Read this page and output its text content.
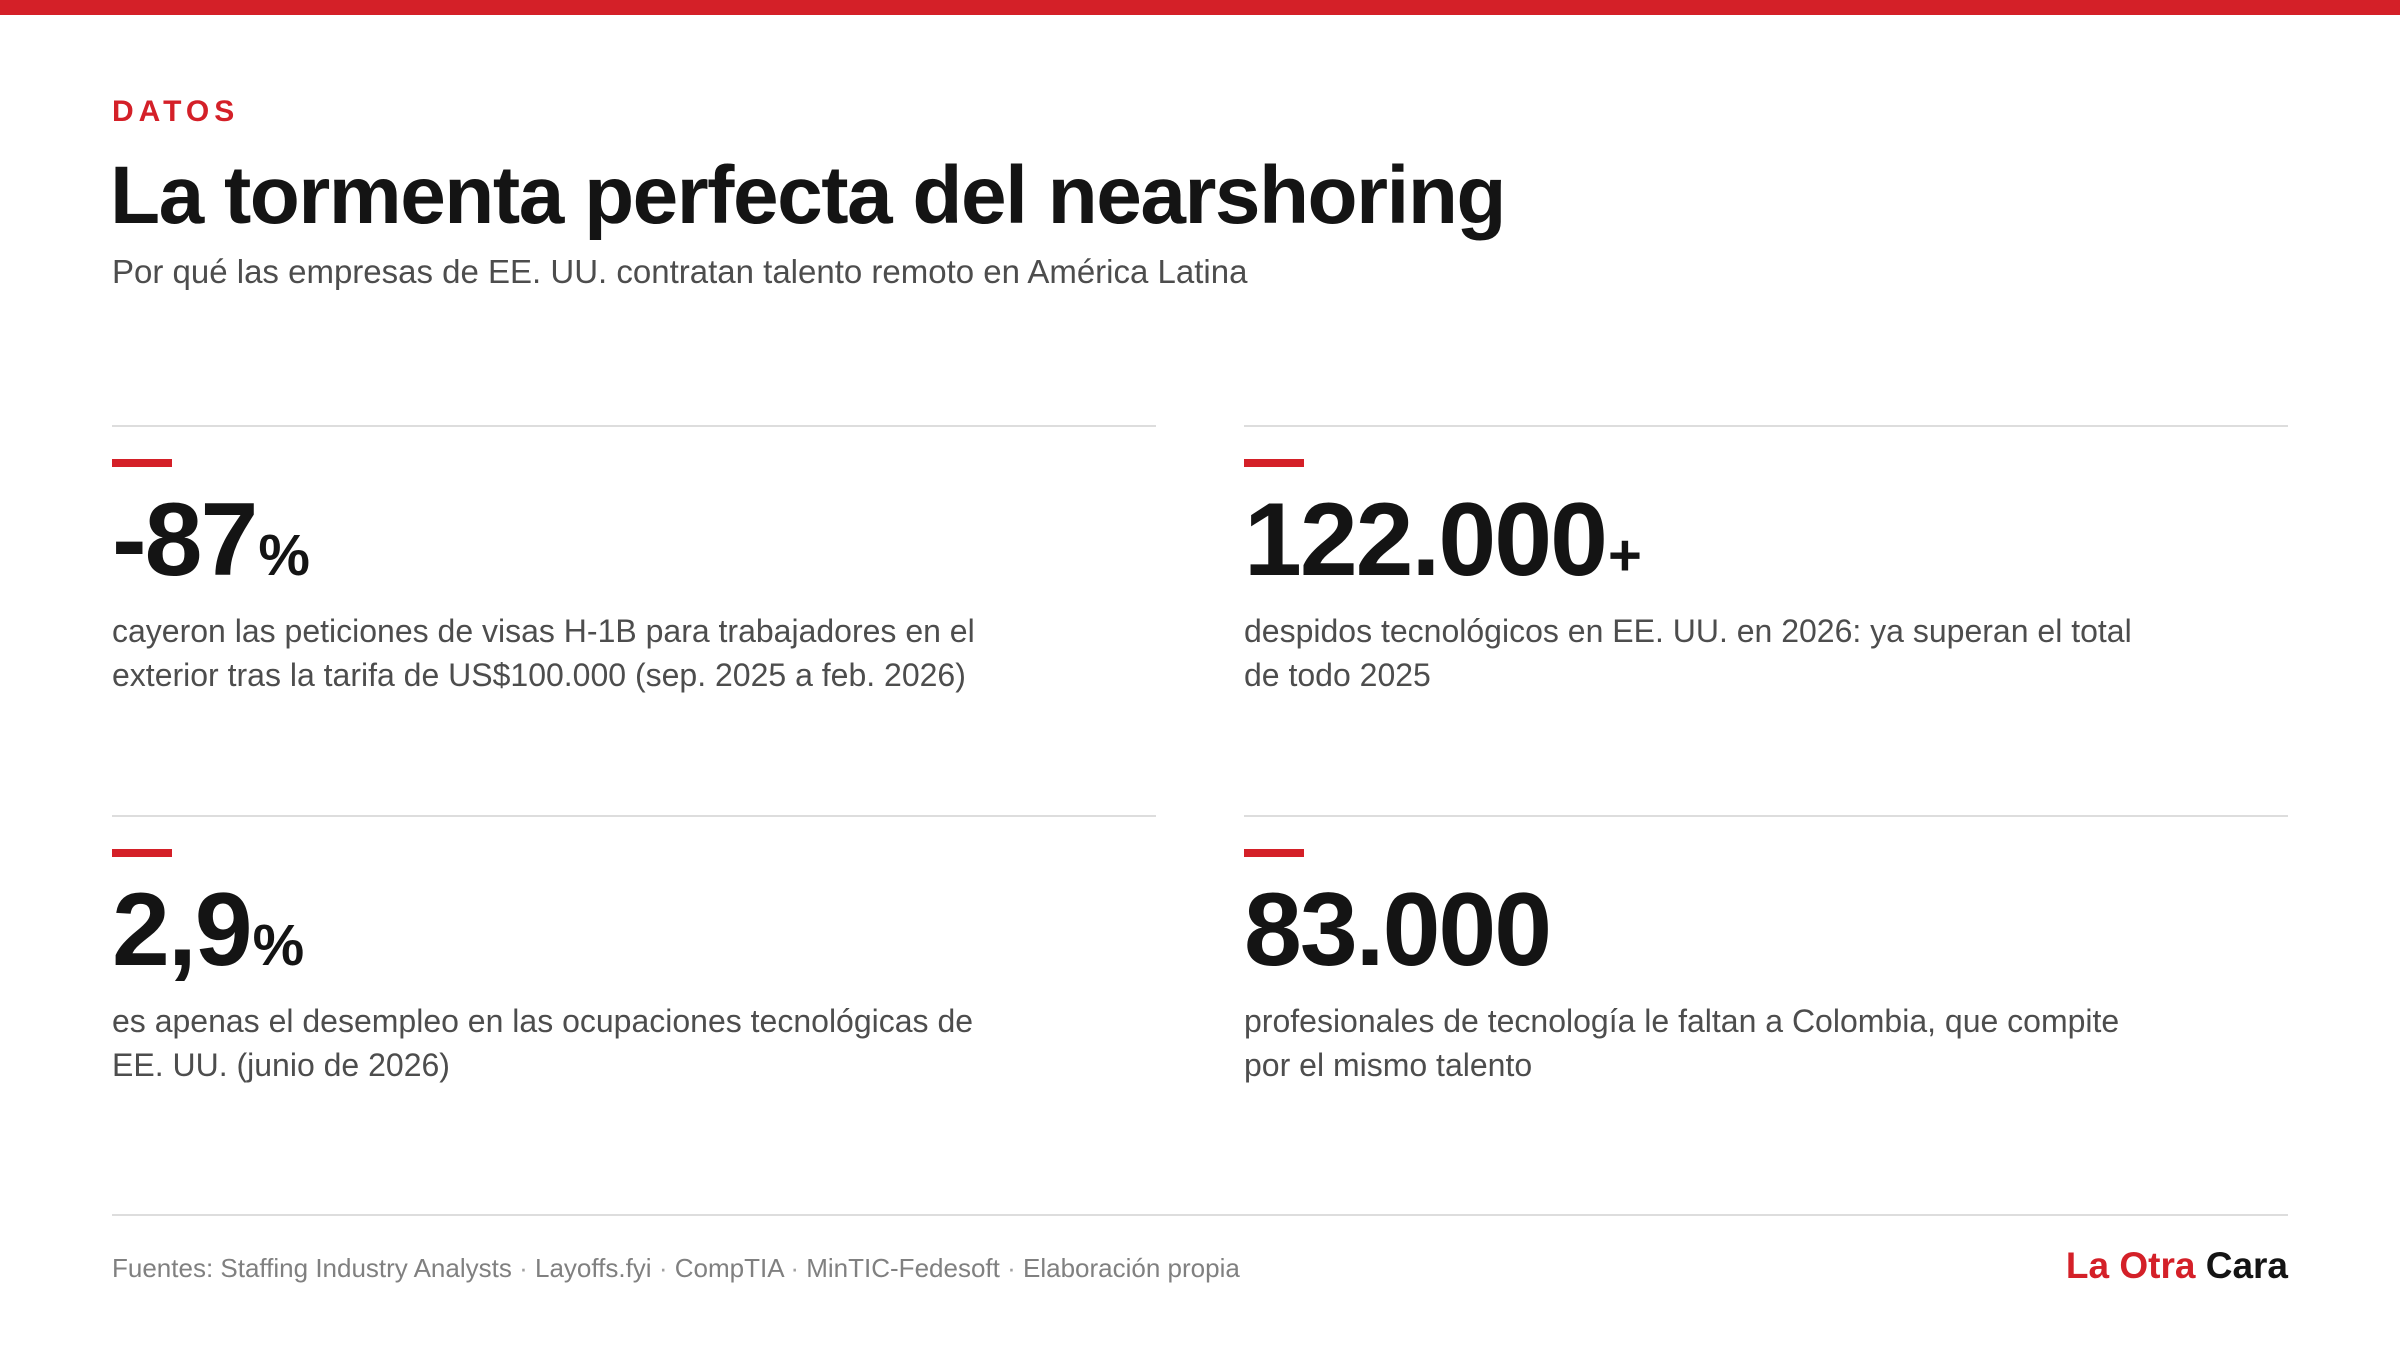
DATOS
La tormenta perfecta del nearshoring
Por qué las empresas de EE. UU. contratan talento remoto en América Latina
-87%
cayeron las peticiones de visas H-1B para trabajadores en el exterior tras la tarifa de US$100.000 (sep. 2025 a feb. 2026)
122.000+
despidos tecnológicos en EE. UU. en 2026: ya superan el total de todo 2025
2,9%
es apenas el desempleo en las ocupaciones tecnológicas de EE. UU. (junio de 2026)
83.000
profesionales de tecnología le faltan a Colombia, que compite por el mismo talento
Fuentes: Staffing Industry Analysts · Layoffs.fyi · CompTIA · MinTIC-Fedesoft · Elaboración propia	La Otra Cara
